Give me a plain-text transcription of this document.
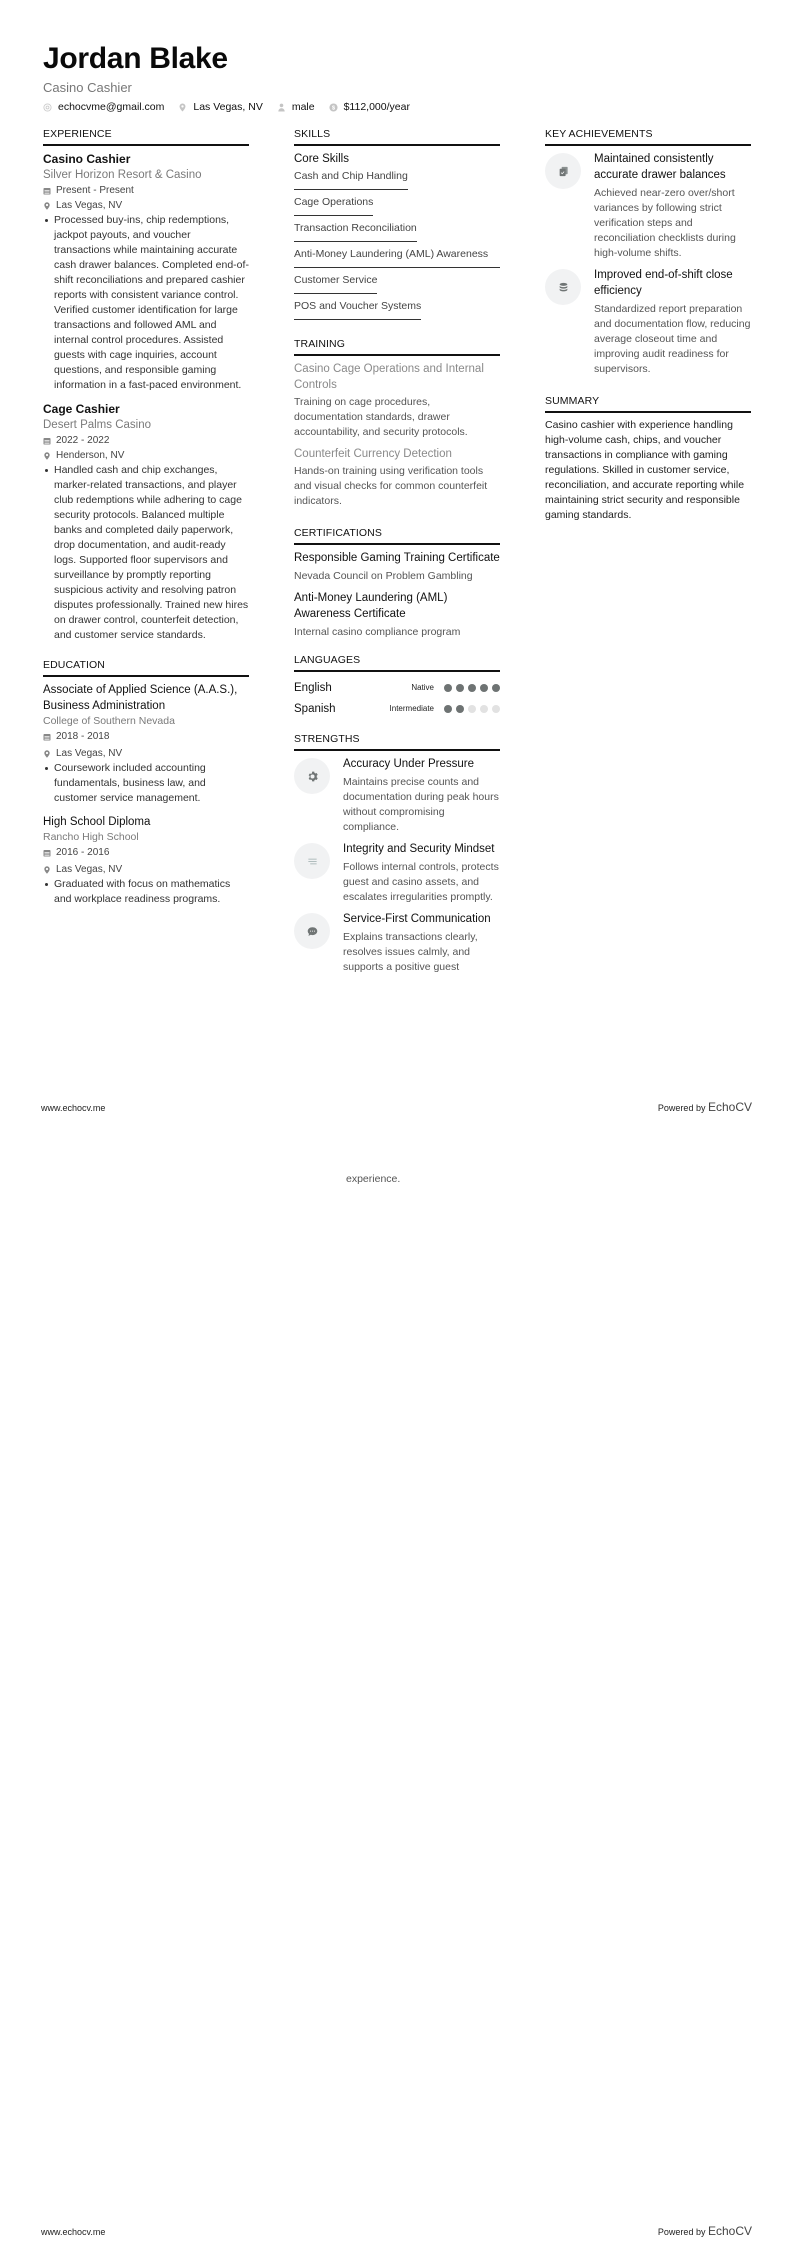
Jordan Blake
Casino Cashier
echocvme@gmail.com	Las Vegas, NV	male	$ $112,000/year
EXPERIENCE
Casino Cashier
Silver Horizon Resort & Casino
Present - Present
Las Vegas, NV
Processed buy-ins, chip redemptions, jackpot payouts, and voucher transactions while maintaining accurate cash drawer balances. Completed end-of-shift reconciliations and prepared cashier reports with consistent variance control. Verified customer identification for large transactions and followed AML and internal control procedures. Assisted guests with cage inquiries, account questions, and responsible gaming information in a fast-paced environment.
Cage Cashier
Desert Palms Casino
2022 - 2022
Henderson, NV
Handled cash and chip exchanges, marker-related transactions, and player club redemptions while adhering to cage security protocols. Balanced multiple banks and completed daily paperwork, drop documentation, and audit-ready logs. Supported floor supervisors and surveillance by promptly reporting suspicious activity and resolving patron disputes professionally. Trained new hires on drawer control, counterfeit detection, and customer service standards.
EDUCATION
Associate of Applied Science (A.A.S.), Business Administration
College of Southern Nevada
2018 - 2018
Las Vegas, NV
Coursework included accounting fundamentals, business law, and customer service management.
High School Diploma
Rancho High School
2016 - 2016
Las Vegas, NV
Graduated with focus on mathematics and workplace readiness programs.
SKILLS
Core Skills
Cash and Chip Handling
Cage Operations
Transaction Reconciliation
Anti-Money Laundering (AML) Awareness
Customer Service
POS and Voucher Systems
TRAINING
Casino Cage Operations and Internal Controls
Training on cage procedures, documentation standards, drawer accountability, and security protocols.
Counterfeit Currency Detection
Hands-on training using verification tools and visual checks for common counterfeit indicators.
CERTIFICATIONS
Responsible Gaming Training Certificate
Nevada Council on Problem Gambling
Anti-Money Laundering (AML) Awareness Certificate
Internal casino compliance program
LANGUAGES
English	Native
Spanish	Intermediate
STRENGTHS
Accuracy Under Pressure
Maintains precise counts and documentation during peak hours without compromising compliance.
Integrity and Security Mindset
Follows internal controls, protects guest and casino assets, and escalates irregularities promptly.
Service-First Communication
Explains transactions clearly, resolves issues calmly, and supports a positive guest
KEY ACHIEVEMENTS
Maintained consistently accurate drawer balances
Achieved near-zero over/short variances by following strict verification steps and reconciliation checklists during high-volume shifts.
Improved end-of-shift close efficiency
Standardized report preparation and documentation flow, reducing average closeout time and improving audit readiness for supervisors.
SUMMARY
Casino cashier with experience handling high-volume cash, chips, and voucher transactions in compliance with gaming regulations. Skilled in customer service, reconciliation, and accurate reporting while maintaining strict security and responsible gaming standards.
www.echocv.me	Powered by EchoCV
experience.
www.echocv.me	Powered by EchoCV
